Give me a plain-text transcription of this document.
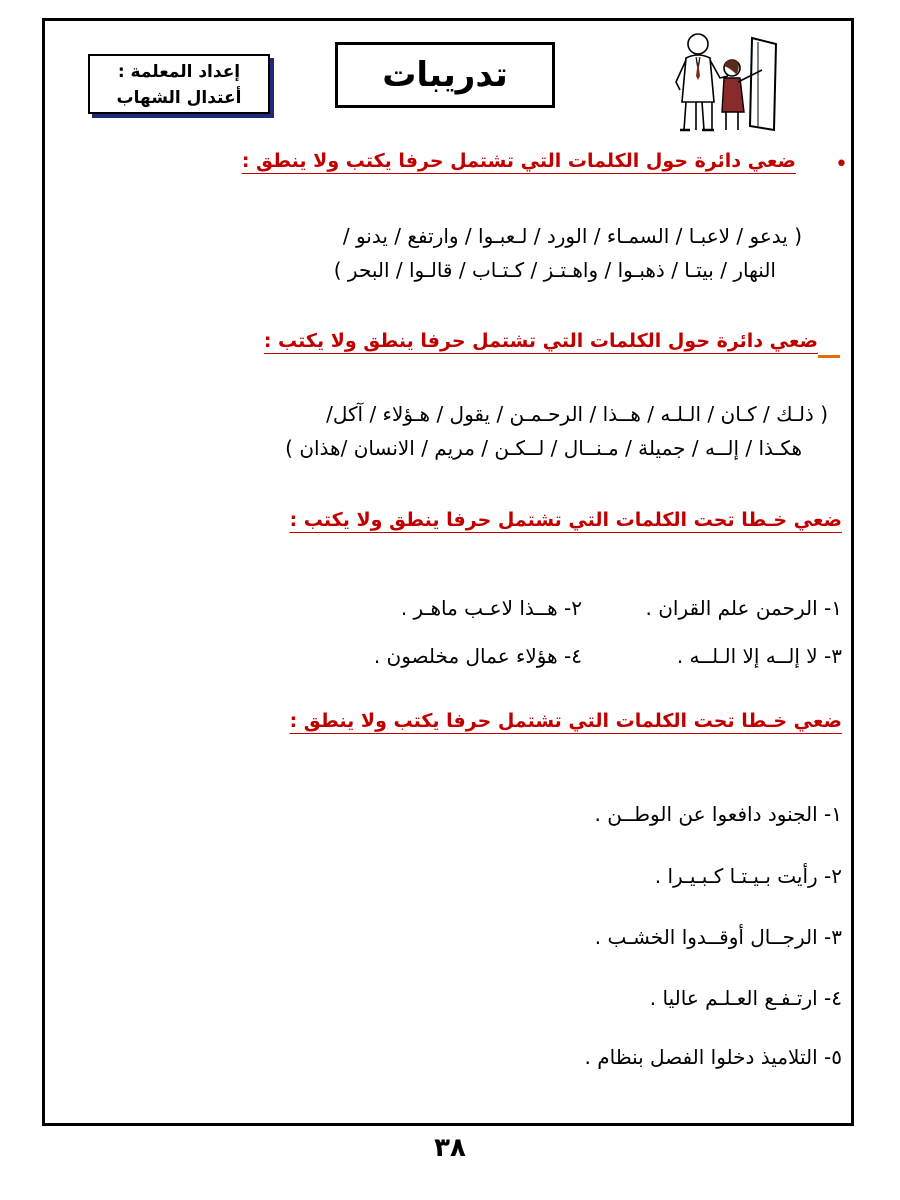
تدريبات
إعداد المعلمة :
أعتدال الشهاب
•
ضعي دائرة حول الكلمات التي تشتمل حرفا يكتب ولا ينطق :
( يدعو / لاعبـا / السمـاء / الورد / لـعبـوا / وارتفع / يدنو /
النهار / بيتـا / ذهبـوا / واهـتـز / كـتـاب / قالـوا / البحر )
ضعي دائرة حول الكلمات التي تشتمل حرفا ينطق ولا يكتب :
( ذلـك / كـان / الـلـه / هــذا / الرحـمـن / يقول / هـؤلاء / آكل/
هكـذا / إلــه / جميلة / مـنــال / لــكـن / مريم / الانسان /هذان )
ضعي خـطا تحت الكلمات التي تشتمل حرفا ينطق ولا يكتب :
١- الرحمن علم القران .
٢- هــذا لاعـب ماهـر .
٣- لا إلــه إلا الـلــه .
٤- هؤلاء عمال مخلصون .
ضعي خـطا تحت الكلمات التي تشتمل حرفا يكتب ولا ينطق :
١- الجنود دافعوا عن الوطــن .
٢- رأيت بـيـتـا كـبـيـرا .
٣- الرجــال أوقــدوا الخشـب .
٤- ارتـفـع العـلـم عاليا .
٥- التلاميذ دخلوا الفصل بنظام .
٣٨
